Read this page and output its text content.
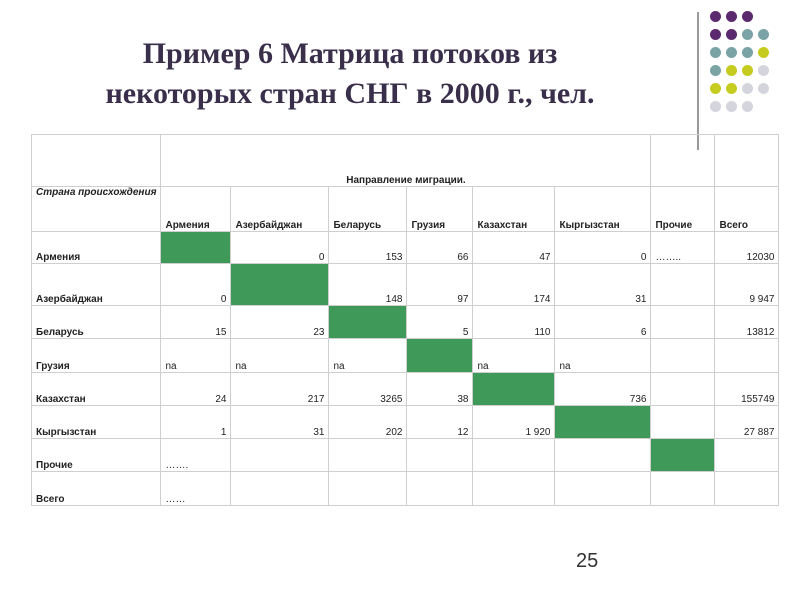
Пример 6 Матрица потоков из
некоторых стран СНГ в 2000 г., чел.
	Направление миграции.							
Страна происхождения	Армения	Азербайджан	Беларусь	Грузия	Казахстан	Кыргызстан	Прочие	Всего
Армения		0	153	66	47	0	……..	12030
Азербайджан	0		148	97	174	31		9 947
Беларусь	15	23		5	110	6		13812
Грузия	na	na	na		na	na		
Казахстан	24	217	3265	38		736		155749
Кыргызстан	1	31	202	12	1 920			27 887
Прочие	…….							
Всего	……							
25
